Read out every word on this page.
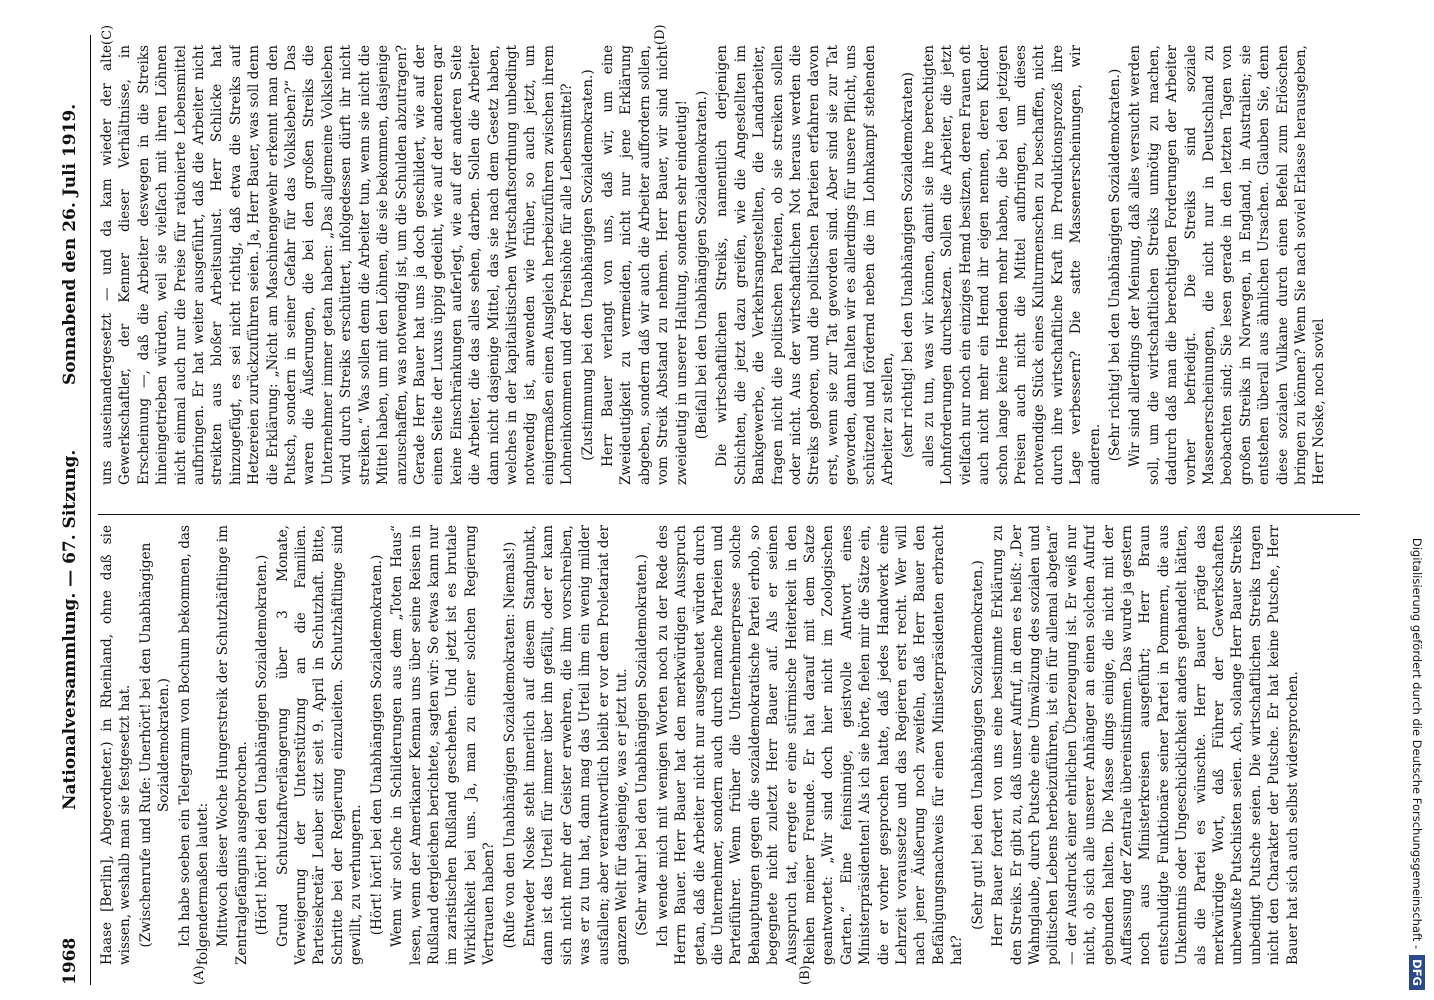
1968
Nationalversammlung. — 67. Sitzung.
Sonnabend den 26. Juli 1919.
(A)	(B)
(C)	(D)

Haase [Berlin], Abgeordneter.) in Rheinland, ohne daß sie wissen, weshalb man sie festgesetzt hat. (Zwischenrufe und Rufe: Unerhört! bei den Unabhängigen Sozialdemokraten.) Ich habe soeben ein Telegramm von Bochum bekommen, das folgendermaßen lautet: Mittwoch dieser Woche Hungerstreik der Schutzhäftlinge im Zentralgefängnis ausgebrochen. (Hört! hört! bei den Unabhängigen Sozialdemokraten.) Grund Schutzhaftverlängerung über 3 Monate, Verweigerung der Unterstützung an die Familien. Parteisekretär Leuber sitzt seit 9. April in Schutzhaft. Bitte, Schritte bei der Regierung einzuleiten. Schutzhäftlinge sind gewillt, zu verhungern. (Hört! hört! bei den Unabhängigen Sozialdemokraten.) Wenn wir solche in Schilderungen aus dem „Toten Haus“ lesen, wenn der Amerikaner Kennan uns über seine Reisen in Rußland dergleichen berichtete, sagten wir: So etwas kann nur im zaristischen Rußland geschehen. Und jetzt ist es brutale Wirklichkeit bei uns. Ja, man zu einer solchen Regierung Vertrauen haben? (Rufe von den Unabhängigen Sozialdemokraten: Niemals!) Entweder Noske steht innerlich auf diesem Standpunkt, dann ist das Urteil für immer über ihn gefällt, oder er kann sich nicht mehr der Geister erwehren, die ihm vorschreiben, was er zu tun hat, dann mag das Urteil ihm ein wenig milder ausfallen; aber verantwortlich bleibt er vor dem Proletariat der ganzen Welt für dasjenige, was er jetzt tut. (Sehr wahr! bei den Unabhängigen Sozialdemokraten.) Ich wende mich mit wenigen Worten noch zu der Rede des Herrn Bauer. Herr Bauer hat den merkwürdigen Ausspruch getan, daß die Arbeiter nicht nur ausgebeutet würden durch die Unternehmer, sondern auch durch manche Parteien und Parteiführer. Wenn früher die Unternehmerpresse solche Behauptungen gegen die sozialdemokratische Partei erhob, so begegnete nicht zuletzt Herr Bauer auf. Als er seinen Ausspruch tat, erregte er eine stürmische Heiterkeit in den Reihen meiner Freunde. Er hat darauf mit dem Satze geantwortet: „Wir sind doch hier nicht im Zoologischen Garten.“ Eine feinsinnige, geistvolle Antwort eines Ministerpräsidenten! Als ich sie hörte, fielen mir die Sätze ein, die er vorher gesprochen hatte, daß jedes Handwerk eine Lehrzeit voraussetze und das Regieren erst recht. Wer will nach jener Äußerung noch zweifeln, daß Herr Bauer den Befähigungsnachweis für einen Ministerpräsidenten erbracht hat?

(Sehr gut! bei den Unabhängigen Sozialdemokraten.) Herr Bauer fordert von uns eine bestimmte Erklärung zu den Streiks. Er gibt zu, daß unser Aufruf, in dem es heißt: „Der Wahnglaube, durch Putsche eine Umwälzung des sozialen und politischen Lebens herbeizuführen, ist ein für allemal abgetan“ — der Ausdruck einer ehrlichen Überzeugung ist. Er weiß nur nicht, ob sich alle unserer Anhänger an einen solchen Aufruf gebunden halten. Die Masse dings einige, die nicht mit der Auffassung der Zentrale übereinstimmen. Das wurde ja gestern noch aus Ministerkreisen ausgeführt; Herr Braun entschuldigte Funktionäre seiner Partei in Pommern, die aus Unkenntnis oder Ungeschicklichkeit anders gehandelt hätten, als die Partei es wünschte. Herr Bauer prägte das merkwürdige Wort, daß Führer der Gewerkschaften unbewußte Putschisten seien. Ach, solange Herr Bauer Streiks unbedingt Putsche seien. Die wirtschaftlichen Streiks tragen nicht den Charakter der Putsche. Er hat keine Putsche, Herr Bauer hat sich auch selbst widersprochen.

uns auseinandergesetzt — und da kam wieder der alte Gewerkschaftler, der Kenner dieser Verhältnisse, in Erscheinung —, daß die Arbeiter deswegen in die Streiks hineingetrieben würden, weil sie vielfach mit ihren Löhnen nicht einmal auch nur die Preise für rationierte Lebensmittel aufbringen. Er hat weiter ausgeführt, daß die Arbeiter nicht streikten aus bloßer Arbeitsunlust. Herr Schlicke hat hinzugefügt, es sei nicht richtig, daß etwa die Streiks auf Hetzereien zurückzuführen seien. Ja, Herr Bauer, was soll denn die Erklärung: „Nicht am Maschinengewehr erkennt man den Putsch, sondern in seiner Gefahr für das Volksleben?“ Das waren die Äußerungen, die bei den großen Streiks die Unternehmer immer getan haben: „Das allgemeine Volksleben wird durch Streiks erschüttert, infolgedessen dürft ihr nicht streiken.“ Was sollen denn die Arbeiter tun, wenn sie nicht die Mittel haben, um mit den Löhnen, die sie bekommen, dasjenige anzuschaffen, was notwendig ist, um die Schulden abzutragen? Gerade Herr Bauer hat uns ja doch geschildert, wie auf der einen Seite der Luxus üppig gedeiht, wie auf der anderen gar keine Einschränkungen auferlegt, wie auf der anderen Seite die Arbeiter, die das alles sehen, darben. Sollen die Arbeiter dann nicht dasjenige Mittel, das sie nach dem Gesetz haben, welches in der kapitalistischen Wirtschaftsordnung unbedingt notwendig ist, anwenden wie früher, so auch jetzt, um einigermaßen einen Ausgleich herbeizuführen zwischen ihrem Lohneinkommen und der Preishöhe für alle Lebensmittel? (Zustimmung bei den Unabhängigen Sozialdemokraten.) Herr Bauer verlangt von uns, daß wir, um eine Zweideutigkeit zu vermeiden, nicht nur jene Erklärung abgeben, sondern daß wir auch die Arbeiter auffordern sollen, vom Streik Abstand zu nehmen. Herr Bauer, wir sind nicht zweideutig in unserer Haltung, sondern sehr eindeutig! (Beifall bei den Unabhängigen Sozialdemokraten.) Die wirtschaftlichen Streiks, namentlich derjenigen Schichten, die jetzt dazu greifen, wie die Angestellten im Bankgewerbe, die Verkehrsangestellten, die Landarbeiter, fragen nicht die politischen Parteien, ob sie streiken sollen oder nicht. Aus der wirtschaftlichen Not heraus werden die Streiks geboren, und die politischen Parteien erfahren davon erst, wenn sie zur Tat geworden sind. Aber sind sie zur Tat geworden, dann halten wir es allerdings für unsere Pflicht, uns schützend und fördernd neben die im Lohnkampf stehenden Arbeiter zu stellen, (sehr richtig! bei den Unabhängigen Sozialdemokraten) alles zu tun, was wir können, damit sie ihre berechtigten Lohnforderungen durchsetzen. Sollen die Arbeiter, die jetzt vielfach nur noch ein einziges Hemd besitzen, deren Frauen oft auch nicht mehr ein Hemd ihr eigen nennen, deren Kinder schon lange keine Hemden mehr haben, die bei den jetzigen Preisen auch nicht die Mittel aufbringen, um dieses notwendige Stück eines Kulturmenschen zu beschaffen, nicht durch ihre wirtschaftliche Kraft im Produktionsprozeß ihre Lage verbessern? Die satte Massenerscheinungen, wir anderen. (Sehr richtig! bei den Unabhängigen Sozialdemokraten.) Wir sind allerdings der Meinung, daß alles versucht werden soll, um die wirtschaftlichen Streiks unnötig zu machen, dadurch daß man die berechtigten Forderungen der Arbeiter vorher befriedigt. Die Streiks sind soziale Massenerscheinungen, die nicht nur in Deutschland zu beobachten sind; Sie lesen gerade in den letzten Tagen von großen Streiks in Norwegen, in England, in Australien; sie entstehen überall aus ähnlichen Ursachen. Glauben Sie, denn diese sozialen Vulkane durch einen Befehl zum Erlöschen bringen zu können? Wenn Sie nach soviel Erlasse herausgeben, Herr Noske, noch soviel

Digitalisierung gefördert durch die Deutsche Forschungsgemeinschaft -DFG
